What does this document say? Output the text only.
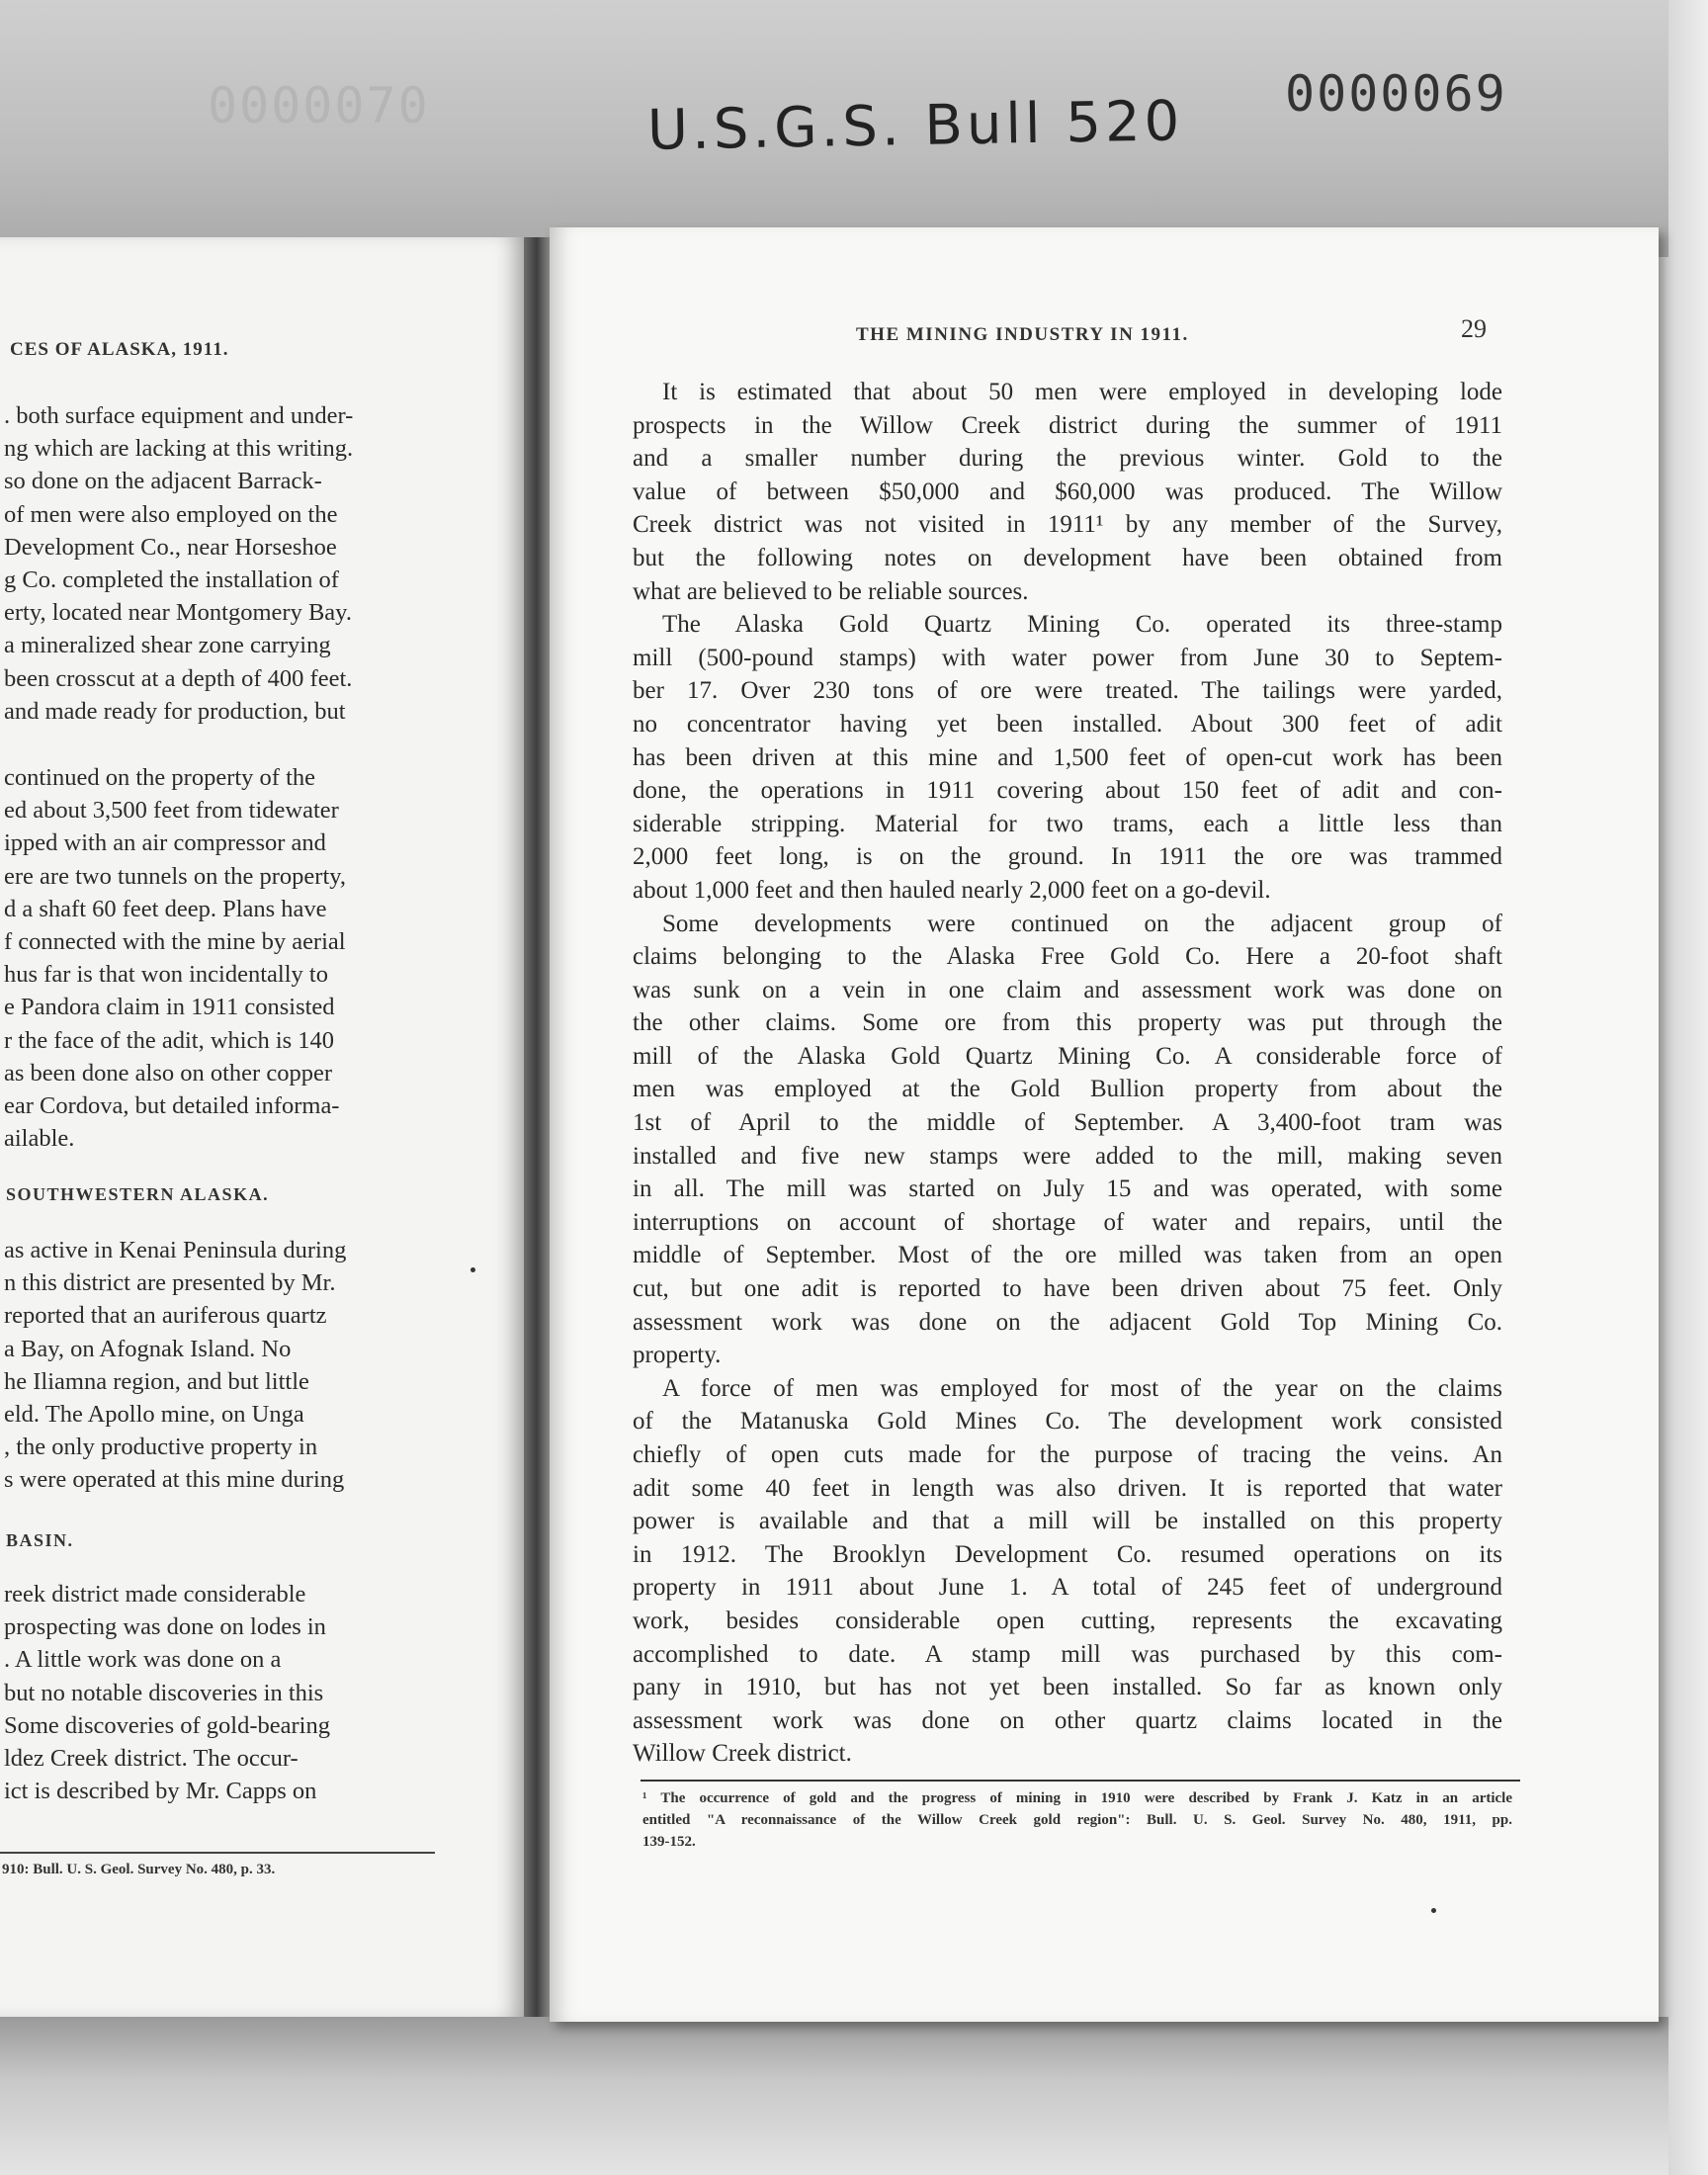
0000070	U.S.G.S. Bull 520 0000069
CES OF ALASKA, 1911.
. both surface equipment and under-
ng which are lacking at this writing.
so done on the adjacent Barrack-
of men were also employed on the
Development Co., near Horseshoe
g Co. completed the installation of
erty, located near Montgomery Bay.
a mineralized shear zone carrying
been crosscut at a depth of 400 feet.
and made ready for production, but
continued on the property of the
ed about 3,500 feet from tidewater
ipped with an air compressor and
ere are two tunnels on the property,
d a shaft 60 feet deep. Plans have
f connected with the mine by aerial
hus far is that won incidentally to
e Pandora claim in 1911 consisted
r the face of the adit, which is 140
as been done also on other copper
ear Cordova, but detailed informa-
ailable.
SOUTHWESTERN ALASKA.
as active in Kenai Peninsula during
n this district are presented by Mr.
reported that an auriferous quartz
a Bay, on Afognak Island. No
he Iliamna region, and but little
eld. The Apollo mine, on Unga
, the only productive property in
s were operated at this mine during
BASIN.
reek district made considerable
prospecting was done on lodes in
. A little work was done on a
but no notable discoveries in this
Some discoveries of gold-bearing
ldez Creek district. The occur-
ict is described by Mr. Capps on
910: Bull. U. S. Geol. Survey No. 480, p. 33.
THE MINING INDUSTRY IN 1911.	29
It is estimated that about 50 men were employed in developing lode
prospects in the Willow Creek district during the summer of 1911
and a smaller number during the previous winter. Gold to the
value of between $50,000 and $60,000 was produced. The Willow
Creek district was not visited in 1911¹ by any member of the Survey,
but the following notes on development have been obtained from
what are believed to be reliable sources.
The Alaska Gold Quartz Mining Co. operated its three-stamp
mill (500-pound stamps) with water power from June 30 to Septem-
ber 17. Over 230 tons of ore were treated. The tailings were yarded,
no concentrator having yet been installed. About 300 feet of adit
has been driven at this mine and 1,500 feet of open-cut work has been
done, the operations in 1911 covering about 150 feet of adit and con-
siderable stripping. Material for two trams, each a little less than
2,000 feet long, is on the ground. In 1911 the ore was trammed
about 1,000 feet and then hauled nearly 2,000 feet on a go-devil.
Some developments were continued on the adjacent group of
claims belonging to the Alaska Free Gold Co. Here a 20-foot shaft
was sunk on a vein in one claim and assessment work was done on
the other claims. Some ore from this property was put through the
mill of the Alaska Gold Quartz Mining Co. A considerable force of
men was employed at the Gold Bullion property from about the
1st of April to the middle of September. A 3,400-foot tram was
installed and five new stamps were added to the mill, making seven
in all. The mill was started on July 15 and was operated, with some
interruptions on account of shortage of water and repairs, until the
middle of September. Most of the ore milled was taken from an open
cut, but one adit is reported to have been driven about 75 feet. Only
assessment work was done on the adjacent Gold Top Mining Co.
property.
A force of men was employed for most of the year on the claims
of the Matanuska Gold Mines Co. The development work consisted
chiefly of open cuts made for the purpose of tracing the veins. An
adit some 40 feet in length was also driven. It is reported that water
power is available and that a mill will be installed on this property
in 1912. The Brooklyn Development Co. resumed operations on its
property in 1911 about June 1. A total of 245 feet of underground
work, besides considerable open cutting, represents the excavating
accomplished to date. A stamp mill was purchased by this com-
pany in 1910, but has not yet been installed. So far as known only
assessment work was done on other quartz claims located in the
Willow Creek district.
¹ The occurrence of gold and the progress of mining in 1910 were described by Frank J. Katz in an article
entitled "A reconnaissance of the Willow Creek gold region": Bull. U. S. Geol. Survey No. 480, 1911, pp.
139-152.
